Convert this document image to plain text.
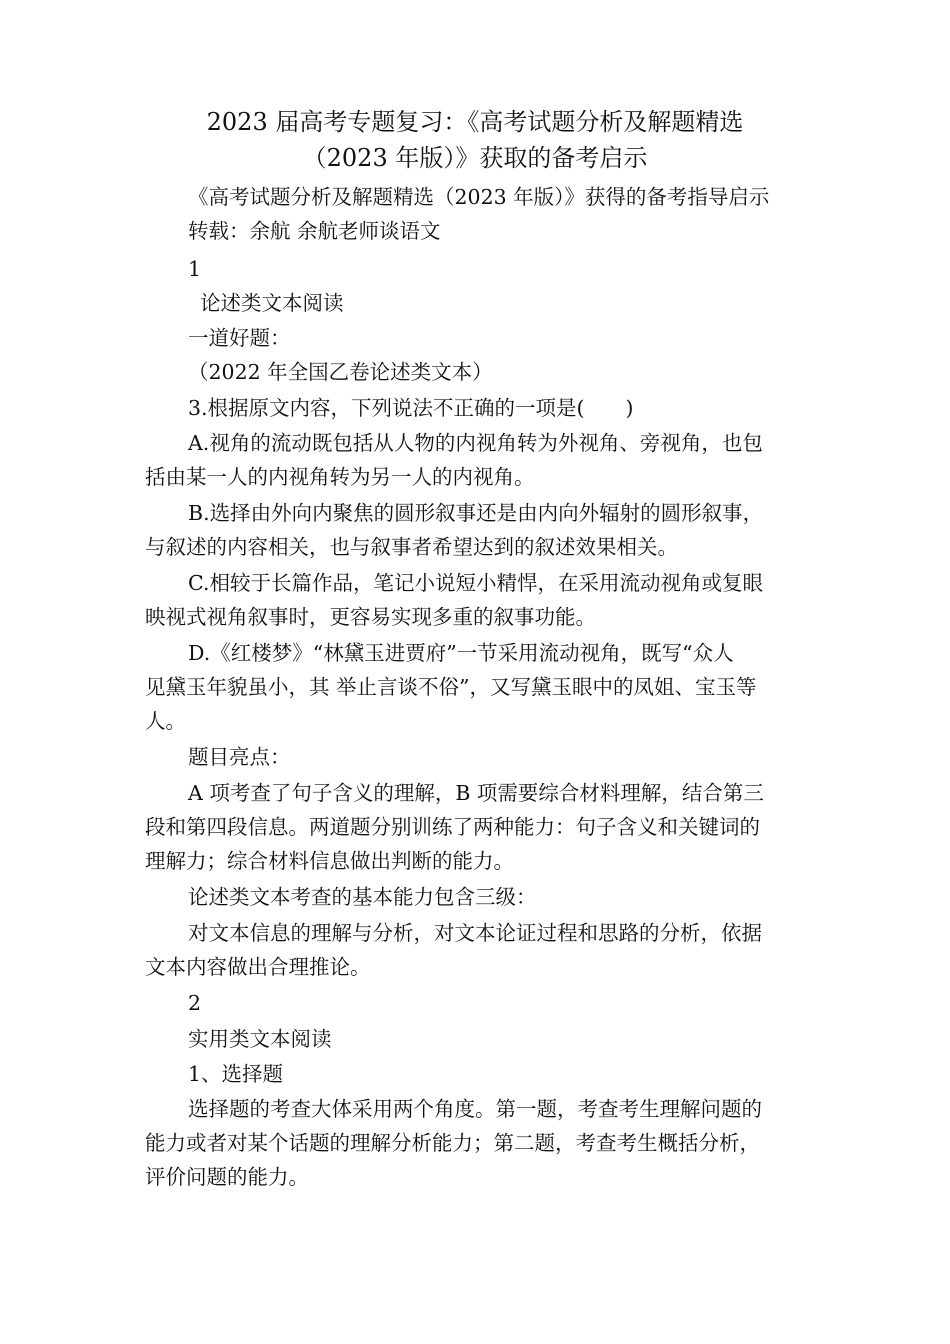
2023 届高考专题复习：《高考试题分析及解题精选
（2023 年版）》获取的备考启示
《高考试题分析及解题精选（2023 年版）》获得的备考指导启示
转载：余航 余航老师谈语文
1
论述类文本阅读
一道好题：
（2022 年全国乙卷论述类文本）
3.根据原文内容，下列说法不正确的一项是(　　)
A.视角的流动既包括从人物的内视角转为外视角、旁视角，也包
括由某一人的内视角转为另一人的内视角。
B.选择由外向内聚焦的圆形叙事还是由内向外辐射的圆形叙事，
与叙述的内容相关，也与叙事者希望达到的叙述效果相关。
C.相较于长篇作品，笔记小说短小精悍，在采用流动视角或复眼
映视式视角叙事时，更容易实现多重的叙事功能。
D.《红楼梦》“林黛玉进贾府”一节采用流动视角，既写“众人
见黛玉年貌虽小，其 举止言谈不俗”，又写黛玉眼中的凤姐、宝玉等
人。
题目亮点：
A 项考查了句子含义的理解，B 项需要综合材料理解，结合第三
段和第四段信息。两道题分别训练了两种能力：句子含义和关键词的
理解力；综合材料信息做出判断的能力。
论述类文本考查的基本能力包含三级：
对文本信息的理解与分析，对文本论证过程和思路的分析，依据
文本内容做出合理推论。
2
实用类文本阅读
1、选择题
选择题的考查大体采用两个角度。第一题，考查考生理解问题的
能力或者对某个话题的理解分析能力；第二题，考查考生概括分析，
评价问题的能力。
